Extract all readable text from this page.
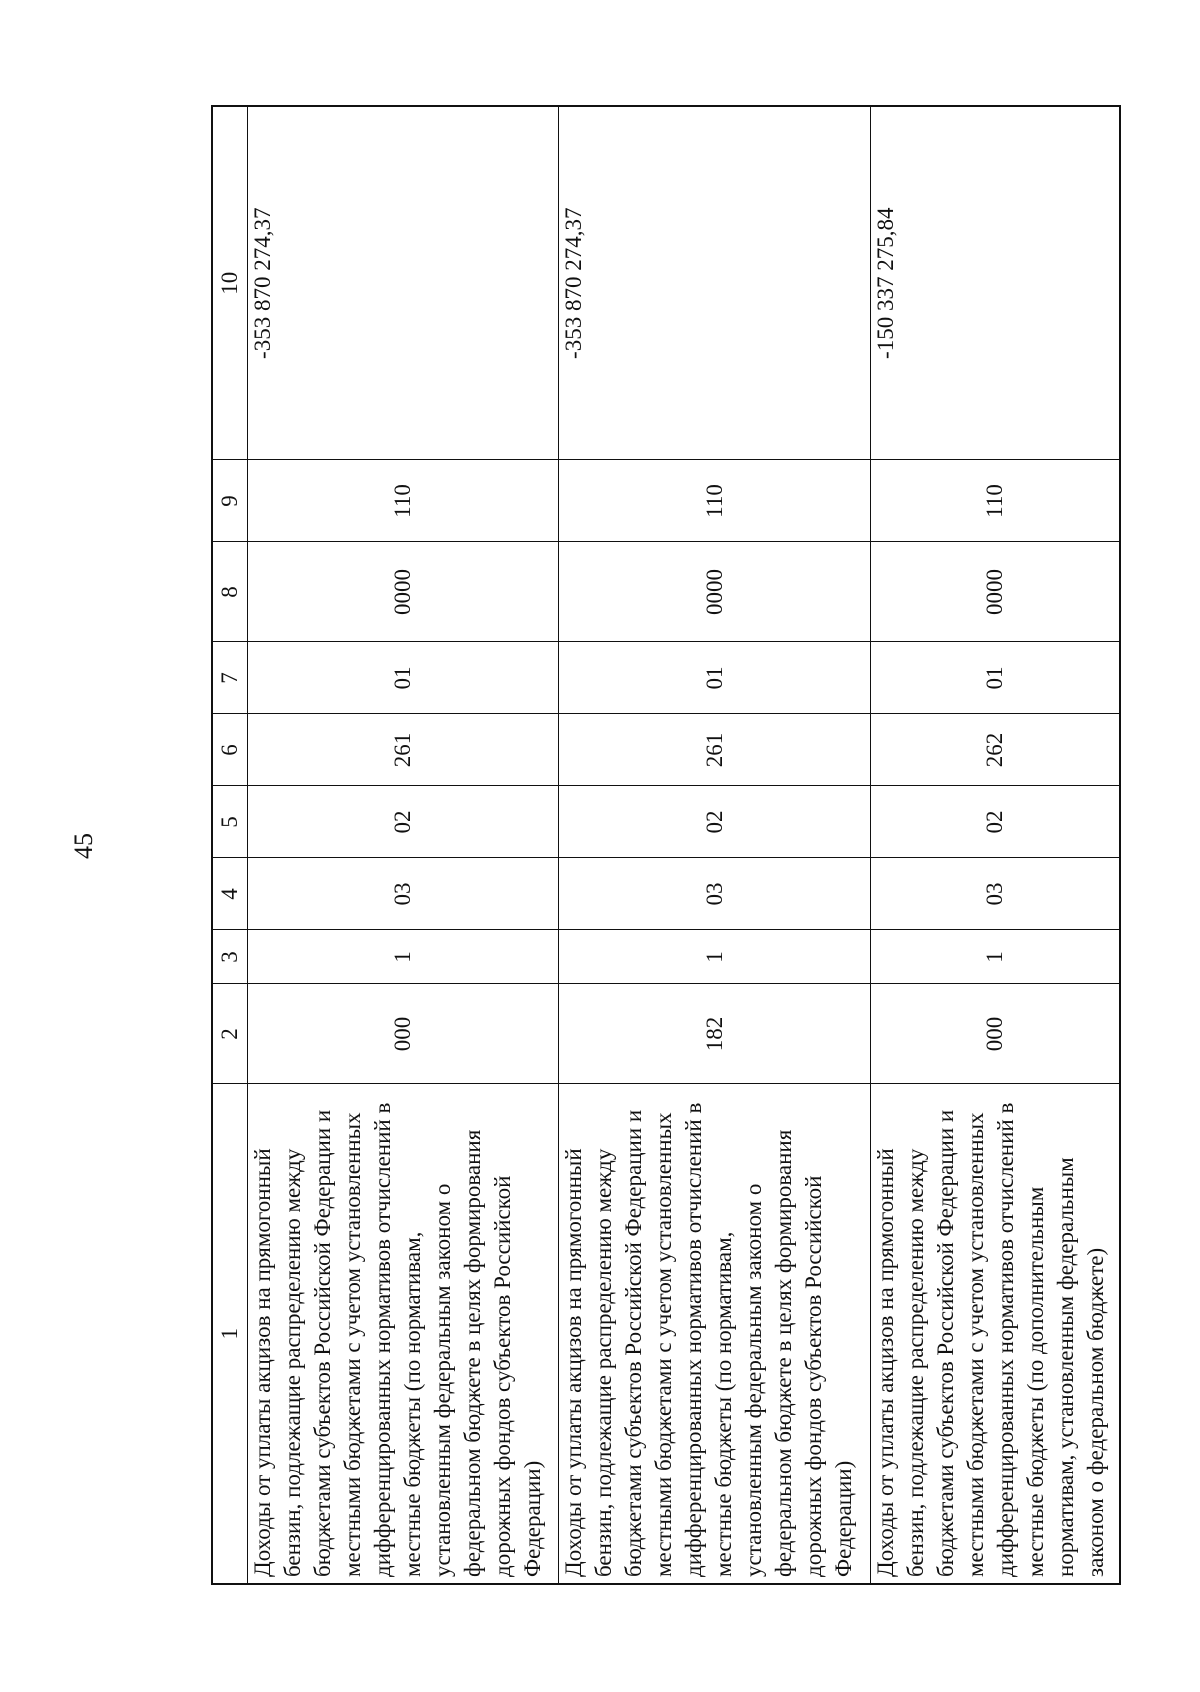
45
1	2	3	4	5	6	7	8	9	10
Доходы от уплаты акцизов на прямогонный бензин, подлежащие распределению между бюджетами субъектов Российской Федерации и местными бюджетами с учетом установленных дифференцированных нормативов отчислений в местные бюджеты (по нормативам, установленным федеральным законом о федеральном бюджете в целях формирования дорожных фондов субъектов Российской Федерации)	000	1	03	02	261	01	0000	110	-353 870 274,37
Доходы от уплаты акцизов на прямогонный бензин, подлежащие распределению между бюджетами субъектов Российской Федерации и местными бюджетами с учетом установленных дифференцированных нормативов отчислений в местные бюджеты (по нормативам, установленным федеральным законом о федеральном бюджете в целях формирования дорожных фондов субъектов Российской Федерации)	182	1	03	02	261	01	0000	110	-353 870 274,37
Доходы от уплаты акцизов на прямогонный бензин, подлежащие распределению между бюджетами субъектов Российской Федерации и местными бюджетами с учетом установленных дифференцированных нормативов отчислений в местные бюджеты (по дополнительным нормативам, установленным федеральным законом о федеральном бюджете)	000	1	03	02	262	01	0000	110	-150 337 275,84
